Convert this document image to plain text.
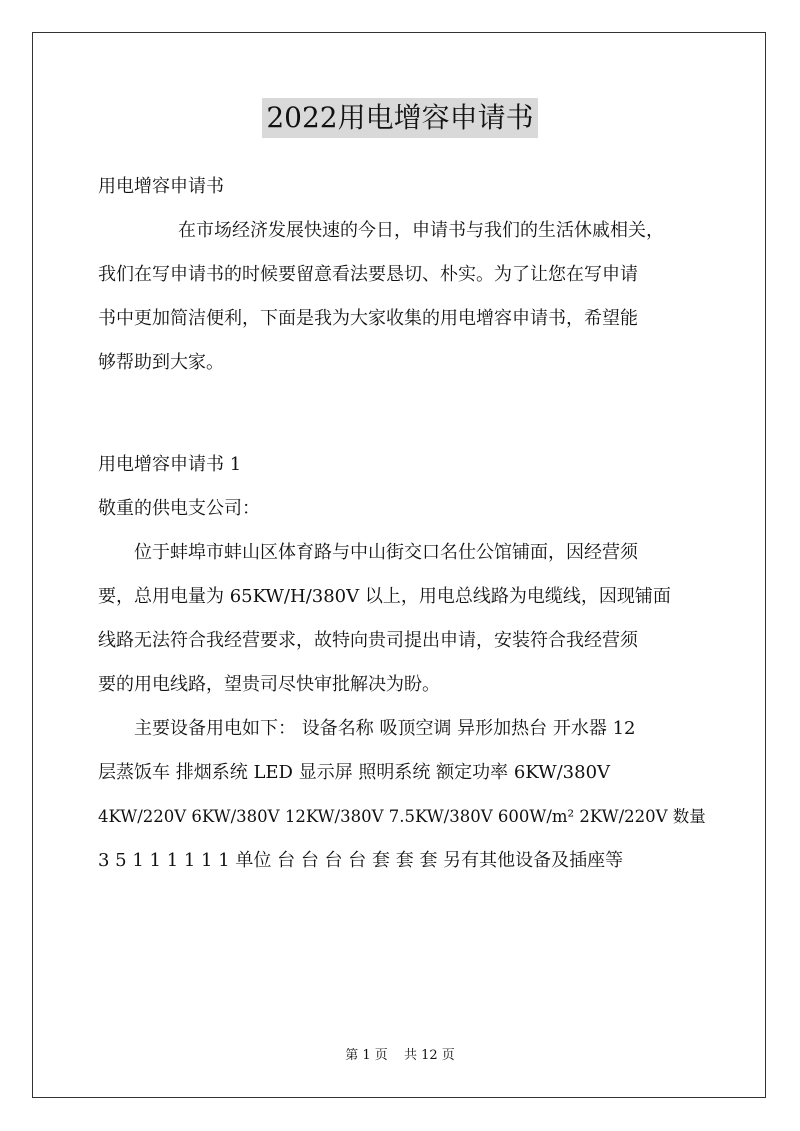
2022用电增容申请书

用电增容申请书

在市场经济发展快速的今日，申请书与我们的生活休戚相关，

我们在写申请书的时候要留意看法要恳切、朴实。为了让您在写申请

书中更加简洁便利，下面是我为大家收集的用电增容申请书，希望能

够帮助到大家。

用电增容申请书 1

敬重的供电支公司：

位于蚌埠市蚌山区体育路与中山街交口名仕公馆铺面，因经营须

要，总用电量为 65KW/H/380V 以上，用电总线路为电缆线，因现铺面

线路无法符合我经营要求，故特向贵司提出申请，安装符合我经营须

要的用电线路，望贵司尽快审批解决为盼。

主要设备用电如下： 设备名称 吸顶空调 异形加热台 开水器 12

层蒸饭车 排烟系统 LED 显示屏 照明系统 额定功率 6KW/380V

4KW/220V 6KW/380V 12KW/380V 7.5KW/380V 600W/m² 2KW/220V 数量

3 5 1 1 1 1 1 1 单位 台 台 台 台 套 套 套 另有其他设备及插座等

第 1 页 共 12 页
